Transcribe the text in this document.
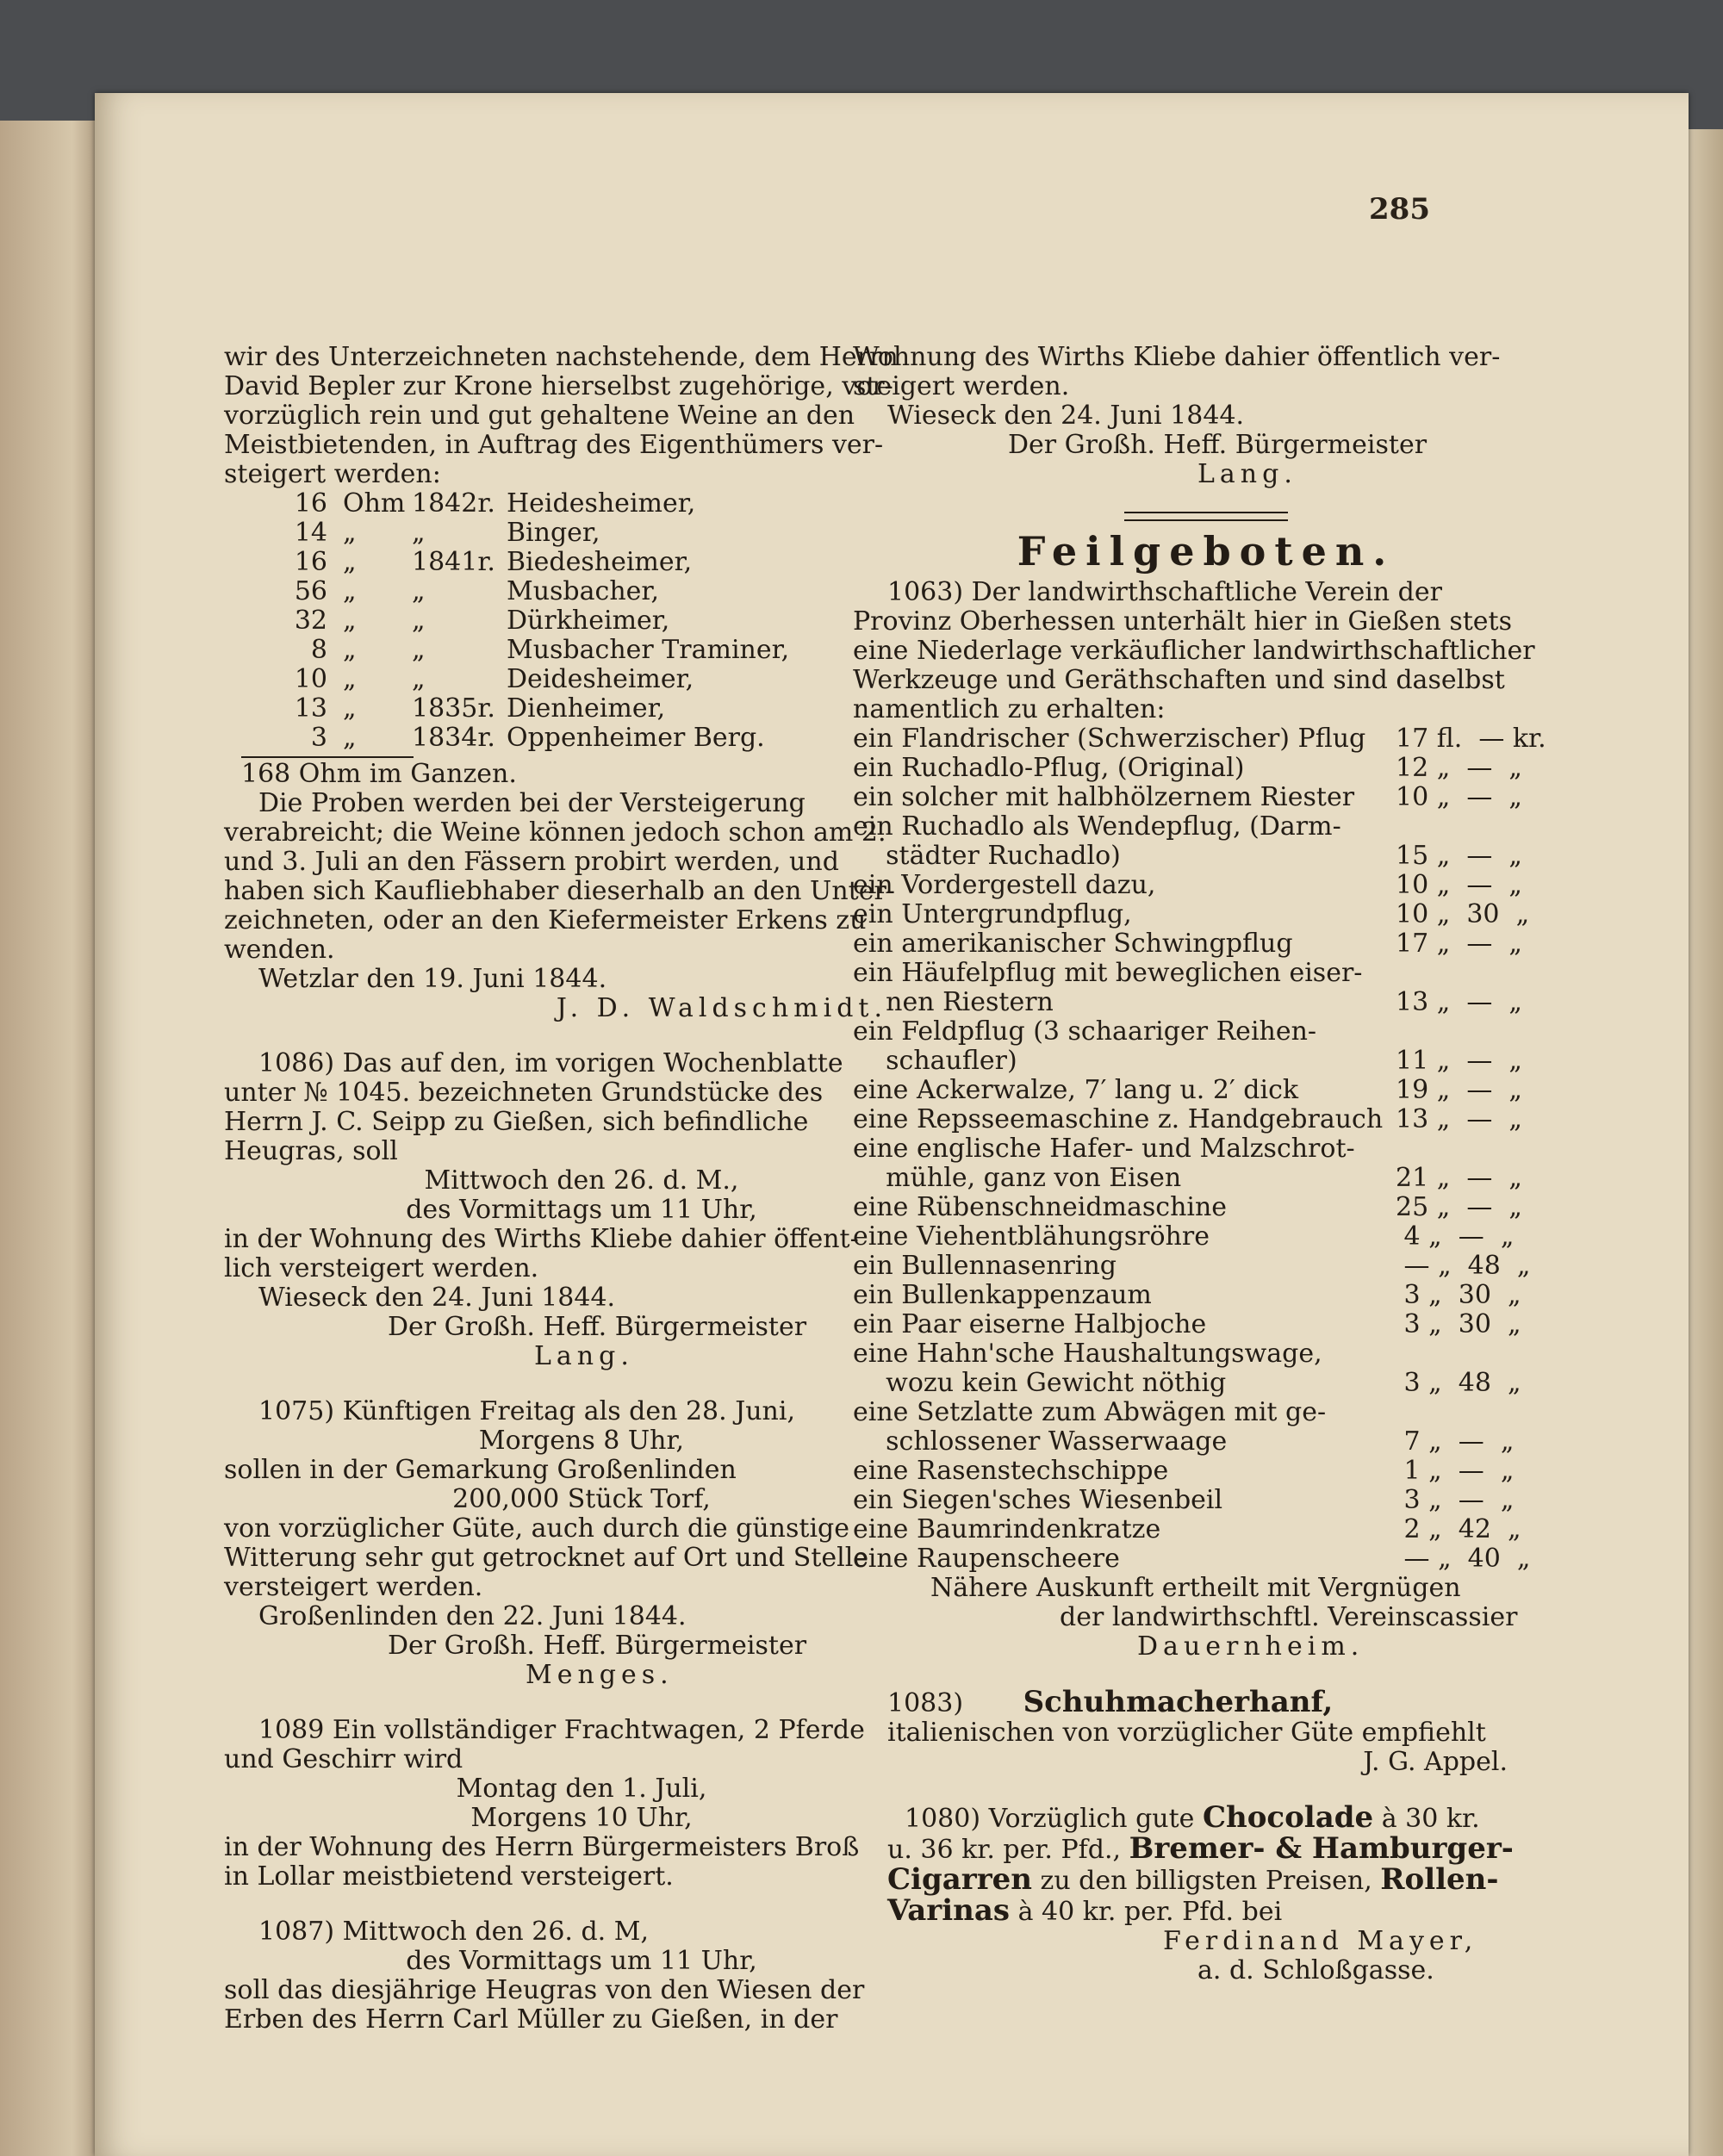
285

wir des Unterzeichneten nachstehende, dem Herrn

David Bepler zur Krone hierselbst zugehörige, vor-

vorzüglich rein und gut gehaltene Weine an den

Meistbietenden, in Auftrag des Eigenthümers ver-

steigert werden:

16 Ohm 1842r. Heidesheimer,
14 „	„	Binger,
16 „	1841r. Biedesheimer,
56 „	„	Musbacher,
32 „	„	Dürkheimer,
8 „	„	Musbacher Traminer,
10 „	„	Deidesheimer,
13 „	1835r. Dienheimer,
3 „	1834r. Oppenheimer Berg.

168 Ohm im Ganzen.

Die Proben werden bei der Versteigerung

verabreicht; die Weine können jedoch schon am 2.

und 3. Juli an den Fässern probirt werden, und

haben sich Kaufliebhaber dieserhalb an den Unter-

zeichneten, oder an den Kiefermeister Erkens zu

wenden.

Wetzlar den 19. Juni 1844.

J. D. Waldschmidt.

1086) Das auf den, im vorigen Wochenblatte

unter № 1045. bezeichneten Grundstücke des

Herrn J. C. Seipp zu Gießen, sich befindliche

Heugras, soll

Mittwoch den 26. d. M.,

des Vormittags um 11 Uhr,

in der Wohnung des Wirths Kliebe dahier öffent-

lich versteigert werden.

Wieseck den 24. Juni 1844.

Der Großh. Heff. Bürgermeister

Lang.

1075) Künftigen Freitag als den 28. Juni,

Morgens 8 Uhr,

sollen in der Gemarkung Großenlinden

200,000 Stück Torf,

von vorzüglicher Güte, auch durch die günstige

Witterung sehr gut getrocknet auf Ort und Stelle

versteigert werden.

Großenlinden den 22. Juni 1844.

Der Großh. Heff. Bürgermeister

Menges.

1089 Ein vollständiger Frachtwagen, 2 Pferde

und Geschirr wird

Montag den 1. Juli,

Morgens 10 Uhr,

in der Wohnung des Herrn Bürgermeisters Broß

in Lollar meistbietend versteigert.

1087) Mittwoch den 26. d. M,

des Vormittags um 11 Uhr,

soll das diesjährige Heugras von den Wiesen der

Erben des Herrn Carl Müller zu Gießen, in der

Wohnung des Wirths Kliebe dahier öffentlich ver-

steigert werden.

Wieseck den 24. Juni 1844.

Der Großh. Heff. Bürgermeister

Lang.

Feilgeboten.

1063) Der landwirthschaftliche Verein der

Provinz Oberhessen unterhält hier in Gießen stets

eine Niederlage verkäuflicher landwirthschaftlicher

Werkzeuge und Geräthschaften und sind daselbst

namentlich zu erhalten:

ein Flandrischer (Schwerzischer) Pflug	17 fl.  — kr.
ein Ruchadlo-Pflug, (Original)	12 „  —  „
ein solcher mit halbhölzernem Riester	10 „  —  „
ein Ruchadlo als Wendepflug, (Darm-
städter Ruchadlo)	15 „  —  „
ein Vordergestell dazu,	10 „  —  „
ein Untergrundpflug,	10 „  30  „
ein amerikanischer Schwingpflug	17 „  —  „
ein Häufelpflug mit beweglichen eiser-
nen Riestern	13 „  —  „
ein Feldpflug (3 schaariger Reihen-
schaufler)	11 „  —  „
eine Ackerwalze, 7′ lang u. 2′ dick	19 „  —  „
eine Repsseemaschine z. Handgebrauch 13 „  —  „
eine englische Hafer- und Malzschrot-
mühle, ganz von Eisen	21 „  —  „
eine Rübenschneidmaschine	25 „  —  „
eine Viehentblähungsröhre	4 „  —  „
ein Bullennasenring	— „  48  „
ein Bullenkappenzaum	3 „  30  „
ein Paar eiserne Halbjoche	3 „  30  „
eine Hahn'sche Haushaltungswage,
wozu kein Gewicht nöthig	3 „  48  „
eine Setzlatte zum Abwägen mit ge-
schlossener Wasserwaage	7 „  —  „
eine Rasenstechschippe	1 „  —  „
ein Siegen'sches Wiesenbeil	3 „  —  „
eine Baumrindenkratze	2 „  42  „
eine Raupenscheere	— „  40  „

Nähere Auskunft ertheilt mit Vergnügen

der landwirthschftl. Vereinscassier

Dauernheim.

1083) Schuhmacherhanf,

italienischen von vorzüglicher Güte empfiehlt

J. G. Appel.

1080) Vorzüglich gute Chocolade à 30 kr.

u. 36 kr. per. Pfd., Bremer- & Hamburger-

Cigarren zu den billigsten Preisen, Rollen-

Varinas à 40 kr. per. Pfd. bei

Ferdinand Mayer,

a. d. Schloßgasse.
